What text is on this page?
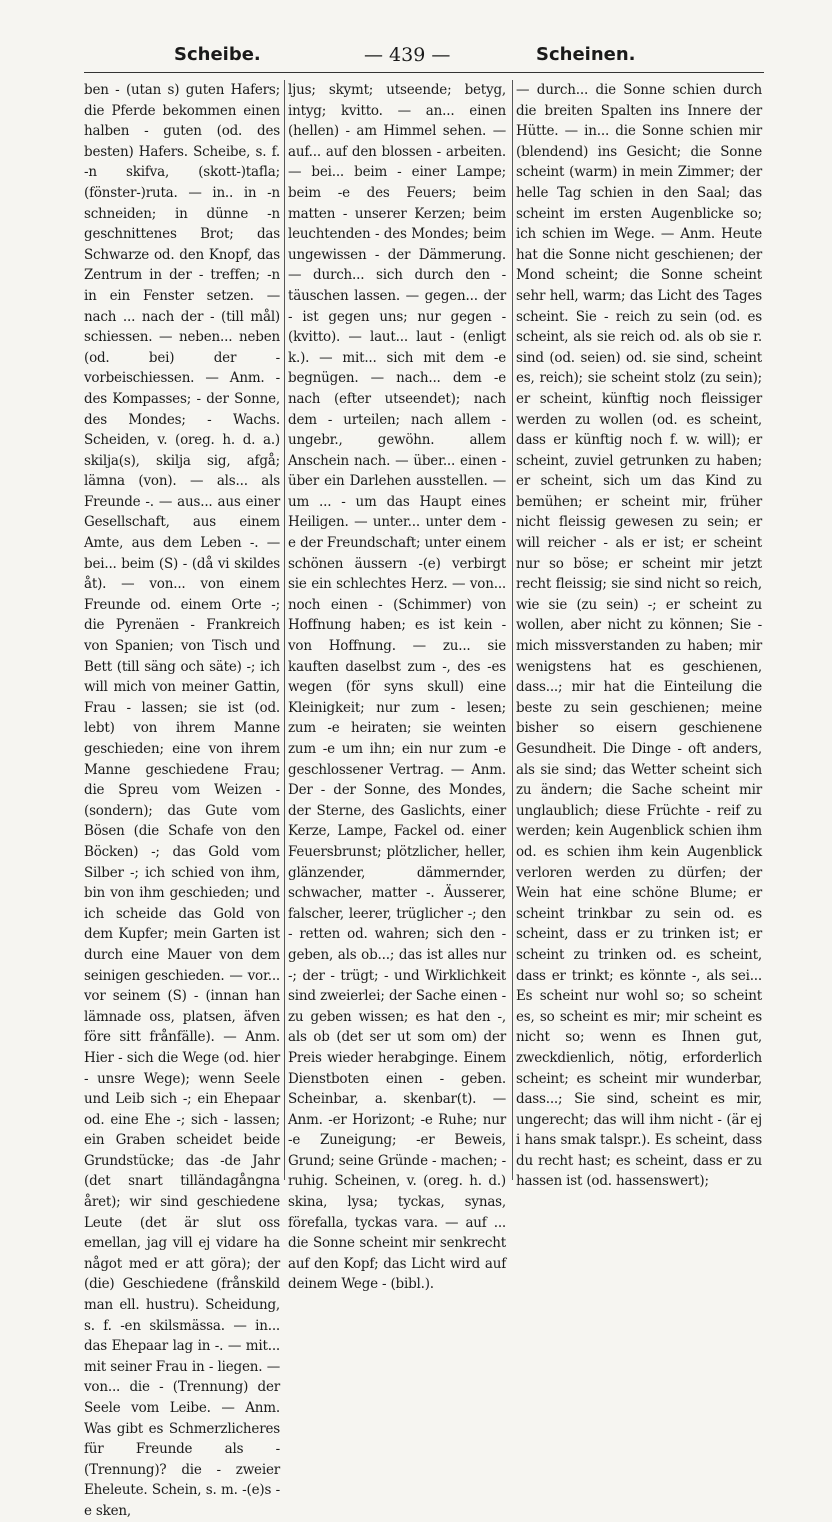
Scheibe.	— 439 —	Scheinen.

ben - (utan s) guten Hafers; die Pferde bekommen einen halben - guten (od. des besten) Hafers. Scheibe, s. f. -n skifva, (skott-)tafla; (fönster-)ruta. — in.. in -n schneiden; in dünne -n geschnittenes Brot; das Schwarze od. den Knopf, das Zentrum in der - treffen; -n in ein Fenster setzen. — nach ... nach der - (till mål) schiessen. — neben... neben (od. bei) der - vorbeischiessen. — Anm. - des Kompasses; - der Sonne, des Mondes; - Wachs. Scheiden, v. (oreg. h. d. a.) skilja(s), skilja sig, afgå; lämna (von). — als... als Freunde -. — aus... aus einer Gesellschaft, aus einem Amte, aus dem Leben -. — bei... beim (S) - (då vi skildes åt). — von... von einem Freunde od. einem Orte -; die Pyrenäen - Frankreich von Spanien; von Tisch und Bett (till säng och säte) -; ich will mich von meiner Gattin, Frau - lassen; sie ist (od. lebt) von ihrem Manne geschieden; eine von ihrem Manne geschiedene Frau; die Spreu vom Weizen - (sondern); das Gute vom Bösen (die Schafe von den Böcken) -; das Gold vom Silber -; ich schied von ihm, bin von ihm geschieden; und ich scheide das Gold von dem Kupfer; mein Garten ist durch eine Mauer von dem seinigen geschieden. — vor... vor seinem (S) - (innan han lämnade oss, platsen, äfven före sitt frånfälle). — Anm. Hier - sich die Wege (od. hier - unsre Wege); wenn Seele und Leib sich -; ein Ehepaar od. eine Ehe -; sich - lassen; ein Graben scheidet beide Grundstücke; das -de Jahr (det snart tilländagångna året); wir sind geschiedene Leute (det är slut oss emellan, jag vill ej vidare ha något med er att göra); der (die) Geschiedene (frånskild man ell. hustru). Scheidung, s. f. -en skilsmässa. — in... das Ehepaar lag in -. — mit... mit seiner Frau in - liegen. — von... die - (Trennung) der Seele vom Leibe. — Anm. Was gibt es Schmerzlicheres für Freunde als - (Trennung)? die - zweier Eheleute. Schein, s. m. -(e)s -e sken,

ljus; skymt; utseende; betyg, intyg; kvitto. — an... einen (hellen) - am Himmel sehen. — auf... auf den blossen - arbeiten. — bei... beim - einer Lampe; beim -e des Feuers; beim matten - unserer Kerzen; beim leuchtenden - des Mondes; beim ungewissen - der Dämmerung. — durch... sich durch den - täuschen lassen. — gegen... der - ist gegen uns; nur gegen - (kvitto). — laut... laut - (enligt k.). — mit... sich mit dem -e begnügen. — nach... dem -e nach (efter utseendet); nach dem - urteilen; nach allem - ungebr., gewöhn. allem Anschein nach. — über... einen - über ein Darlehen ausstellen. — um ... - um das Haupt eines Heiligen. — unter... unter dem -e der Freundschaft; unter einem schönen äussern -(e) verbirgt sie ein schlechtes Herz. — von... noch einen - (Schimmer) von Hoffnung haben; es ist kein - von Hoffnung. — zu... sie kauften daselbst zum -, des -es wegen (för syns skull) eine Kleinigkeit; nur zum - lesen; zum -e heiraten; sie weinten zum -e um ihn; ein nur zum -e geschlossener Vertrag. — Anm. Der - der Sonne, des Mondes, der Sterne, des Gaslichts, einer Kerze, Lampe, Fackel od. einer Feuersbrunst; plötzlicher, heller, glänzender, dämmernder, schwacher, matter -. Äusserer, falscher, leerer, trüglicher -; den - retten od. wahren; sich den - geben, als ob...; das ist alles nur -; der - trügt; - und Wirklichkeit sind zweierlei; der Sache einen - zu geben wissen; es hat den -, als ob (det ser ut som om) der Preis wieder herabginge. Einem Dienstboten einen - geben. Scheinbar, a. skenbar(t). — Anm. -er Horizont; -e Ruhe; nur -e Zuneigung; -er Beweis, Grund; seine Gründe - machen; - ruhig. Scheinen, v. (oreg. h. d.) skina, lysa; tyckas, synas, förefalla, tyckas vara. — auf ... die Sonne scheint mir senkrecht auf den Kopf; das Licht wird auf deinem Wege - (bibl.).

— durch... die Sonne schien durch die breiten Spalten ins Innere der Hütte. — in... die Sonne schien mir (blendend) ins Gesicht; die Sonne scheint (warm) in mein Zimmer; der helle Tag schien in den Saal; das scheint im ersten Augenblicke so; ich schien im Wege. — Anm. Heute hat die Sonne nicht geschienen; der Mond scheint; die Sonne scheint sehr hell, warm; das Licht des Tages scheint. Sie - reich zu sein (od. es scheint, als sie reich od. als ob sie r. sind (od. seien) od. sie sind, scheint es, reich); sie scheint stolz (zu sein); er scheint, künftig noch fleissiger werden zu wollen (od. es scheint, dass er künftig noch f. w. will); er scheint, zuviel getrunken zu haben; er scheint, sich um das Kind zu bemühen; er scheint mir, früher nicht fleissig gewesen zu sein; er will reicher - als er ist; er scheint nur so böse; er scheint mir jetzt recht fleissig; sie sind nicht so reich, wie sie (zu sein) -; er scheint zu wollen, aber nicht zu können; Sie - mich missverstanden zu haben; mir wenigstens hat es geschienen, dass...; mir hat die Einteilung die beste zu sein geschienen; meine bisher so eisern geschienene Gesundheit. Die Dinge - oft anders, als sie sind; das Wetter scheint sich zu ändern; die Sache scheint mir unglaublich; diese Früchte - reif zu werden; kein Augenblick schien ihm od. es schien ihm kein Augenblick verloren werden zu dürfen; der Wein hat eine schöne Blume; er scheint trinkbar zu sein od. es scheint, dass er zu trinken ist; er scheint zu trinken od. es scheint, dass er trinkt; es könnte -, als sei... Es scheint nur wohl so; so scheint es, so scheint es mir; mir scheint es nicht so; wenn es Ihnen gut, zweckdienlich, nötig, erforderlich scheint; es scheint mir wunderbar, dass...; Sie sind, scheint es mir, ungerecht; das will ihm nicht - (är ej i hans smak talspr.). Es scheint, dass du recht hast; es scheint, dass er zu hassen ist (od. hassenswert);
